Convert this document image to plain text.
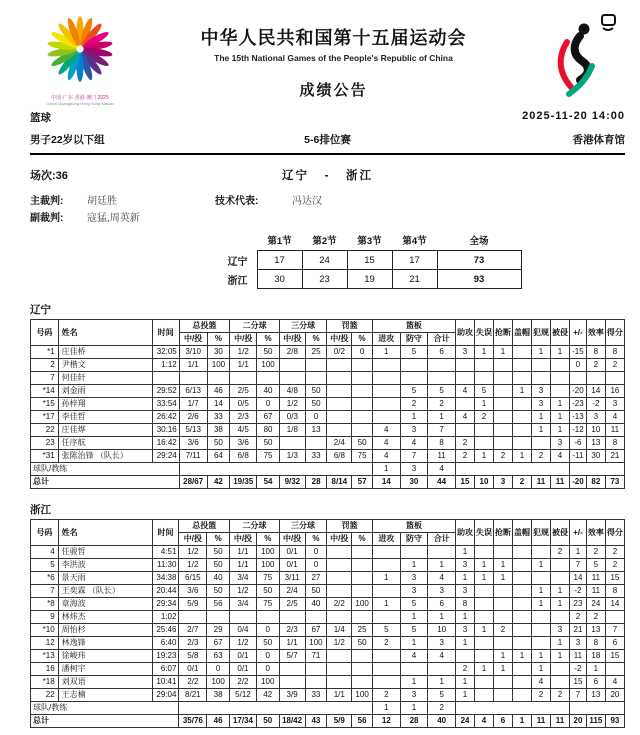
中国·广东·香港·澳门 2025
China·Guangdong·Hong Kong·Macao
中华人民共和国第十五届运动会
The 15th National Games of the People's Republic of China
成绩公告
篮球	2025-11-20 14:00
男子22岁以下组	5-6排位赛	香港体育馆
场次:36	辽宁 - 浙江
主裁判: 胡廷胜	技术代表:	冯达汉
副裁判: 寇猛,周英新
	第1节	第2节	第3节	第4节	全场
辽宁	17	24	15	17	73
浙江	30	23	19	21	93
辽宁
号码	姓名	时间	总投篮		二分球		三分球		罚篮		篮板			助攻	失误	抢断	盖帽	犯规	被侵	+/-	效率	得分
			中/投	%	中/投	%	中/投	%	中/投	%	进攻	防守	合计									
*1	庄佳桥	32:05	3/10	30	1/2	50	2/8	25	0/2	0	1	5	6	3	1	1		1	1	-15	8	8
2	尹楷文	1:12	1/1	100	1/1	100														0	2	2
7	何佳轩																					
*14	刘金雨	29:52	6/13	46	2/5	40	4/8	50				5	5	4	5		1	3		-20	14	16
*15	孙梓翔	33:54	1/7	14	0/5	0	1/2	50				2	2		1			3	1	-23	-2	3
*17	李佳哲	26:42	2/6	33	2/3	67	0/3	0				1	1	4	2			1	1	-13	3	4
22	庄佳烨	30:16	5/13	38	4/5	80	1/8	13			4	3	7					1	1	-12	10	11
23	任序航	16:42	3/6	50	3/6	50			2/4	50	4	4	8	2					3	-6	13	8
*31	张陈治锋 （队长）	29:24	7/11	64	6/8	75	1/3	33	6/8	75	4	7	11	2	1	2	1	2	4	-11	30	21
球队/教练											1	3	4									
总计			28/67	42	19/35	54	9/32	28	8/14	57	14	30	44	15	10	3	2	11	11	-20	82	73
浙江
号码	姓名	时间	总投篮		二分球		三分球		罚篮		篮板			助攻	失误	抢断	盖帽	犯规	被侵	+/-	效率	得分
			中/投	%	中/投	%	中/投	%	中/投	%	进攻	防守	合计									
4	任骏哲	4:51	1/2	50	1/1	100	0/1	0						1					2	1	2	2
5	李洪波	11:30	1/2	50	1/1	100	0/1	0				1	1	3	1	1		1		7	5	2
*6	景天雨	34:38	6/15	40	3/4	75	3/11	27			1	3	4	1	1	1				14	11	15
7	王奕霖 （队长）	20:44	3/6	50	1/2	50	2/4	50				3	3	3				1	1	-2	11	8
*8	章海波	29:34	5/9	56	3/4	75	2/5	40	2/2	100	1	5	6	8				1	1	23	24	14
9	林炜杰	1:02										1	1	1						2	2	
*10	周怡杉	25:46	2/7	29	0/4	0	2/3	67	1/4	25	5	5	10	3	1	2			3	21	13	7
12	林逸锋	6:40	2/3	67	1/2	50	1/1	100	1/2	50	2	1	3	1					1	3	8	6
*13	徐峻玮	19:23	5/8	63	0/1	0	5/7	71				4	4			1	1	1	1	11	18	15
16	潘柯宇	6:07	0/1	0	0/1	0								2	1	1		1		-2	1	
*18	刘双语	10:41	2/2	100	2/2	100						1	1	1				4		15	6	4
22	王志楠	29:04	8/21	38	5/12	42	3/9	33	1/1	100	2	3	5	1				2	2	7	13	20
球队/教练											1	1	2									
总计			35/76	46	17/34	50	18/42	43	5/9	56	12	28	40	24	4	6	1	11	11	20	115	93
